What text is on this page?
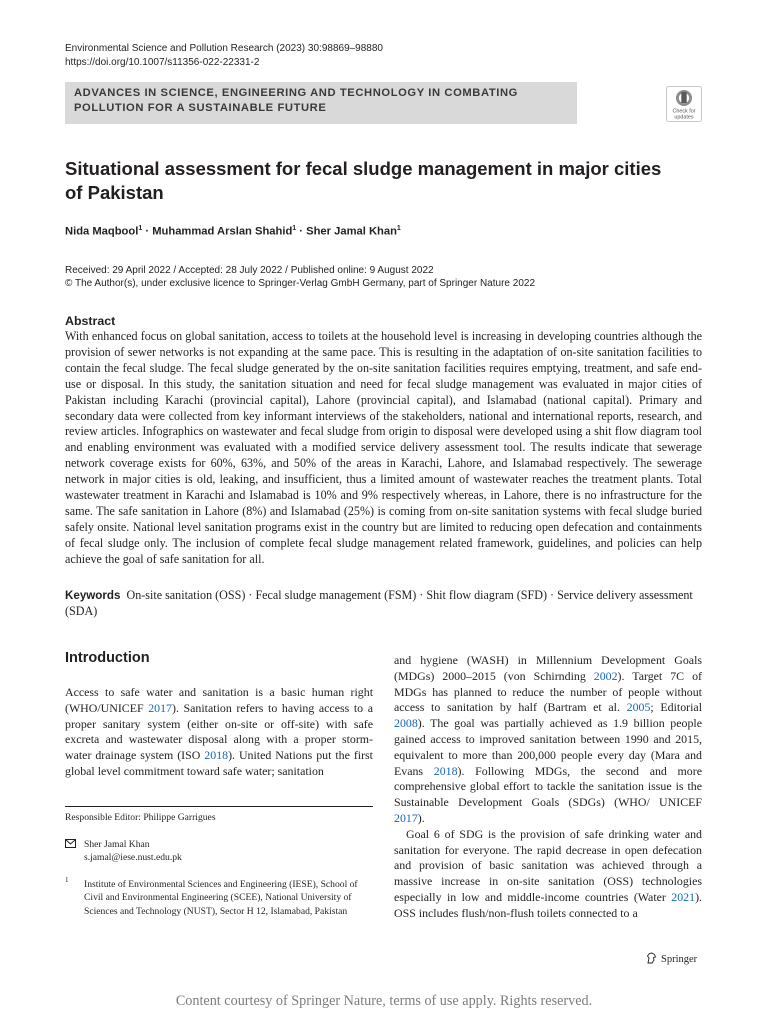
Environmental Science and Pollution Research (2023) 30:98869–98880
https://doi.org/10.1007/s11356-022-22331-2
ADVANCES IN SCIENCE, ENGINEERING AND TECHNOLOGY IN COMBATING
POLLUTION FOR A SUSTAINABLE FUTURE	Check for
updates
Situational assessment for fecal sludge management in major cities of Pakistan
Nida Maqbool$^1$ · Muhammad Arslan Shahid$^1$ · Sher Jamal Khan$^1$
Received: 29 April 2022 / Accepted: 28 July 2022 / Published online: 9 August 2022
© The Author(s), under exclusive licence to Springer-Verlag GmbH Germany, part of Springer Nature 2022
Abstract
With enhanced focus on global sanitation, access to toilets at the household level is increasing in developing countries although the provision of sewer networks is not expanding at the same pace. This is resulting in the adaptation of on-site sanitation facilities to contain the fecal sludge. The fecal sludge generated by the on-site sanitation facilities requires emptying, treatment, and safe end-use or disposal. In this study, the sanitation situation and need for fecal sludge management was evaluated in major cities of Pakistan including Karachi (provincial capital), Lahore (provincial capital), and Islamabad (national capital). Primary and secondary data were collected from key informant interviews of the stakeholders, national and international reports, research, and review articles. Infographics on wastewater and fecal sludge from origin to disposal were developed using a shit flow diagram tool and enabling environment was evaluated with a modified service delivery assessment tool. The results indicate that sewerage network coverage exists for 60%, 63%, and 50% of the areas in Karachi, Lahore, and Islamabad respectively. The sewerage network in major cities is old, leaking, and insufficient, thus a limited amount of wastewater reaches the treatment plants. Total wastewater treatment in Karachi and Islamabad is 10% and 9% respectively whereas, in Lahore, there is no infrastructure for the same. The safe sanitation in Lahore (8%) and Islamabad (25%) is coming from on-site sanitation systems with fecal sludge buried safely onsite. National level sanitation programs exist in the country but are limited to reducing open defecation and containments of fecal sludge only. The inclusion of complete fecal sludge management related framework, guidelines, and policies can help achieve the goal of safe sanitation for all.
Keywords On-site sanitation (OSS) · Fecal sludge management (FSM) · Shit flow diagram (SFD) · Service delivery assessment (SDA)
Introduction
Access to safe water and sanitation is a basic human right (WHO/UNICEF 2017). Sanitation refers to having access to a proper sanitary system (either on-site or off-site) with safe excreta and wastewater disposal along with a proper storm-water drainage system (ISO 2018). United Nations put the first global level commitment toward safe water; sanitation
and hygiene (WASH) in Millennium Development Goals (MDGs) 2000–2015 (von Schirnding 2002). Target 7C of MDGs has planned to reduce the number of people without access to sanitation by half (Bartram et al. 2005; Editorial 2008). The goal was partially achieved as 1.9 billion people gained access to improved sanitation between 1990 and 2015, equivalent to more than 200,000 people every day (Mara and Evans 2018). Following MDGs, the second and more comprehensive global effort to tackle the sanitation issue is the Sustainable Development Goals (SDGs) (WHO/ UNICEF 2017).
Goal 6 of SDG is the provision of safe drinking water and sanitation for everyone. The rapid decrease in open defecation and provision of basic sanitation was achieved through a massive increase in on-site sanitation (OSS) technologies especially in low and middle-income countries (Water 2021). OSS includes flush/non-flush toilets connected to a
Responsible Editor: Philippe Garrigues
Sher Jamal Khan
s.jamal@iese.nust.edu.pk
1 Institute of Environmental Sciences and Engineering (IESE), School of Civil and Environmental Engineering (SCEE), National University of Sciences and Technology (NUST), Sector H 12, Islamabad, Pakistan
Springer
Content courtesy of Springer Nature, terms of use apply. Rights reserved.
